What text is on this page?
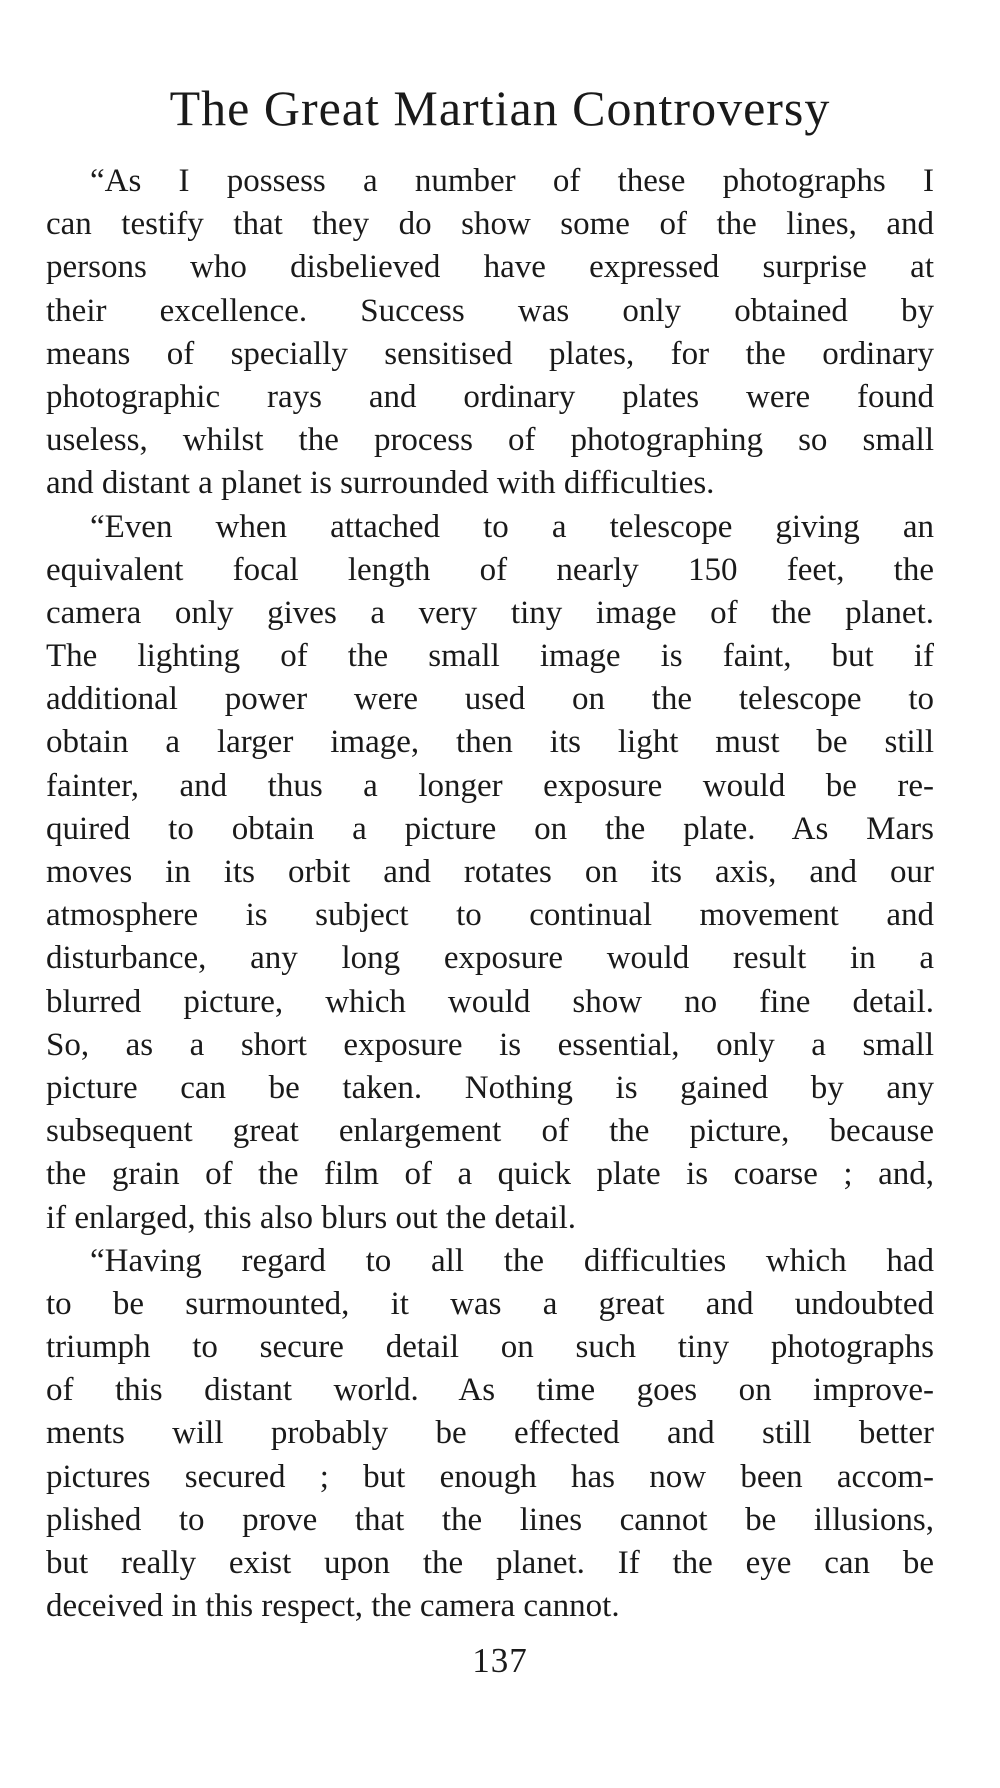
The Great Martian Controversy
“As I possess a number of these photographs I
can testify that they do show some of the lines, and
persons who disbelieved have expressed surprise at
their excellence. Success was only obtained by
means of specially sensitised plates, for the ordinary
photographic rays and ordinary plates were found
useless, whilst the process of photographing so small
and distant a planet is surrounded with difficulties.
“Even when attached to a telescope giving an
equivalent focal length of nearly 150 feet, the
camera only gives a very tiny image of the planet.
The lighting of the small image is faint, but if
additional power were used on the telescope to
obtain a larger image, then its light must be still
fainter, and thus a longer exposure would be re-
quired to obtain a picture on the plate. As Mars
moves in its orbit and rotates on its axis, and our
atmosphere is subject to continual movement and
disturbance, any long exposure would result in a
blurred picture, which would show no fine detail.
So, as a short exposure is essential, only a small
picture can be taken. Nothing is gained by any
subsequent great enlargement of the picture, because
the grain of the film of a quick plate is coarse ; and,
if enlarged, this also blurs out the detail.
“Having regard to all the difficulties which had
to be surmounted, it was a great and undoubted
triumph to secure detail on such tiny photographs
of this distant world. As time goes on improve-
ments will probably be effected and still better
pictures secured ; but enough has now been accom-
plished to prove that the lines cannot be illusions,
but really exist upon the planet. If the eye can be
deceived in this respect, the camera cannot.
137
